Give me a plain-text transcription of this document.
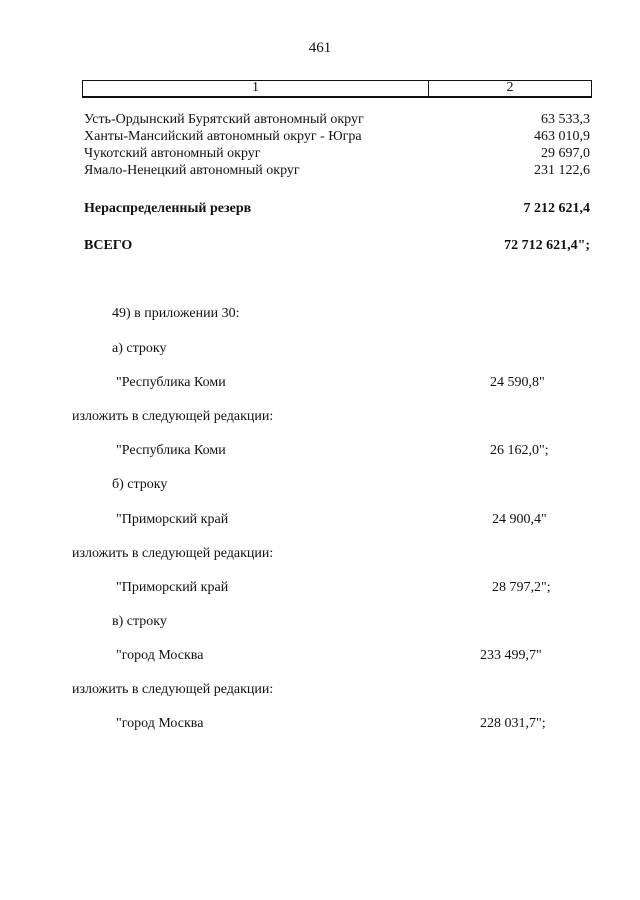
461
1	2
Усть-Ордынский Бурятский автономный округ	63 533,3
Ханты-Мансийский автономный округ - Югра	463 010,9
Чукотский автономный округ	29 697,0
Ямало-Ненецкий автономный округ	231 122,6
Нераспределенный резерв	7 212 621,4
ВСЕГО	72 712 621,4";
49) в приложении 30:
а) строку
"Республика Коми	24 590,8"
изложить в следующей редакции:
"Республика Коми	26 162,0";
б) строку
"Приморский край	24 900,4"
изложить в следующей редакции:
"Приморский край	28 797,2";
в) строку
"город Москва	233 499,7"
изложить в следующей редакции:
"город Москва	228 031,7";
